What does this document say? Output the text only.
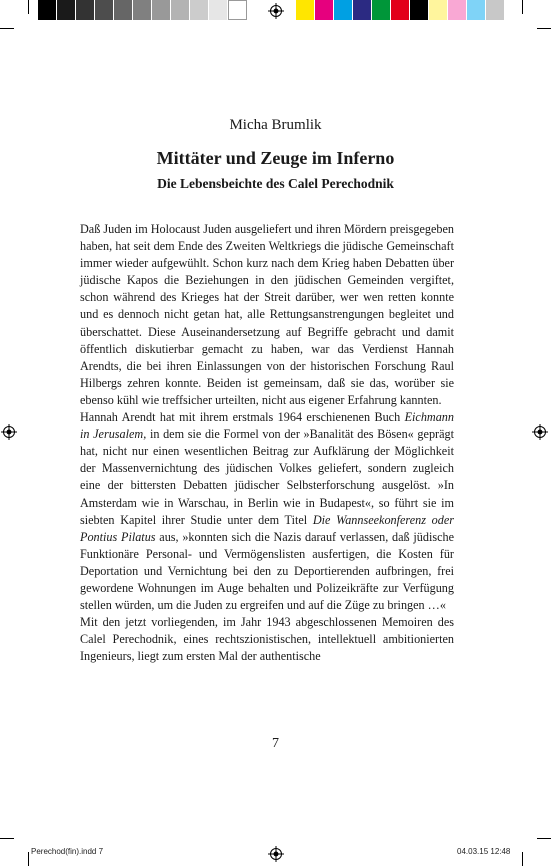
Micha Brumlik
Mittäter und Zeuge im Inferno
Die Lebensbeichte des Calel Perechodnik

Daß Juden im Holocaust Juden ausgeliefert und ihren Mördern preisgegeben haben, hat seit dem Ende des Zweiten Weltkriegs die jüdische Gemeinschaft immer wieder aufgewühlt. Schon kurz nach dem Krieg haben Debatten über jüdische Kapos die Beziehungen in den jüdischen Gemeinden vergiftet, schon während des Krieges hat der Streit darüber, wer wen retten konnte und es dennoch nicht getan hat, alle Rettungsanstrengungen begleitet und überschattet. Diese Auseinandersetzung auf Begriffe gebracht und damit öffentlich diskutierbar gemacht zu haben, war das Verdienst Hannah Arendts, die bei ihren Einlassungen von der historischen Forschung Raul Hilbergs zehren konnte. Beiden ist gemeinsam, daß sie das, worüber sie ebenso kühl wie treffsicher urteilten, nicht aus eigener Erfahrung kannten.

Hannah Arendt hat mit ihrem erstmals 1964 erschienenen Buch Eichmann in Jerusalem, in dem sie die Formel von der »Banalität des Bösen« geprägt hat, nicht nur einen wesentlichen Beitrag zur Aufklärung der Möglichkeit der Massenvernichtung des jüdischen Volkes geliefert, sondern zugleich eine der bittersten Debatten jüdischer Selbsterforschung ausgelöst. »In Amsterdam wie in Warschau, in Berlin wie in Budapest«, so führt sie im siebten Kapitel ihrer Studie unter dem Titel Die Wannseekonferenz oder Pontius Pilatus aus, »konnten sich die Nazis darauf verlassen, daß jüdische Funktionäre Personal- und Vermögenslisten ausfertigen, die Kosten für Deportation und Vernichtung bei den zu Deportierenden aufbringen, frei gewordene Wohnungen im Auge behalten und Polizeikräfte zur Verfügung stellen würden, um die Juden zu ergreifen und auf die Züge zu bringen …«

Mit den jetzt vorliegenden, im Jahr 1943 abgeschlossenen Memoiren des Calel Perechodnik, eines rechtszionistischen, intellektuell ambitionierten Ingenieurs, liegt zum ersten Mal der authentische

7
Perechod(fin).indd 7	04.03.15 12:48
